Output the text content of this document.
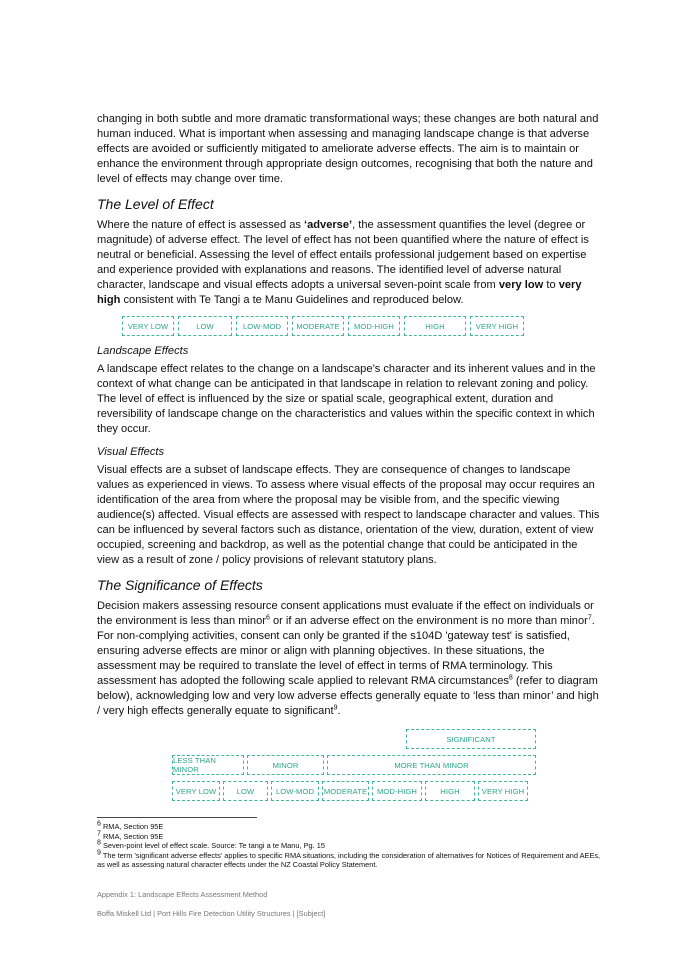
changing in both subtle and more dramatic transformational ways; these changes are both natural and human induced. What is important when assessing and managing landscape change is that adverse effects are avoided or sufficiently mitigated to ameliorate adverse effects. The aim is to maintain or enhance the environment through appropriate design outcomes, recognising that both the nature and level of effects may change over time.

The Level of Effect

Where the nature of effect is assessed as ‘adverse’, the assessment quantifies the level (degree or magnitude) of adverse effect. The level of effect has not been quantified where the nature of effect is neutral or beneficial. Assessing the level of effect entails professional judgement based on expertise and experience provided with explanations and reasons. The identified level of adverse natural character, landscape and visual effects adopts a universal seven-point scale from very low to very high consistent with Te Tangi a te Manu Guidelines and reproduced below.

VERY LOW	LOW	LOW-MOD	MODERATE	MOD-HIGH	HIGH	VERY HIGH
Landscape Effects

A landscape effect relates to the change on a landscape’s character and its inherent values and in the context of what change can be anticipated in that landscape in relation to relevant zoning and policy. The level of effect is influenced by the size or spatial scale, geographical extent, duration and reversibility of landscape change on the characteristics and values within the specific context in which they occur.

Visual Effects

Visual effects are a subset of landscape effects. They are consequence of changes to landscape values as experienced in views. To assess where visual effects of the proposal may occur requires an identification of the area from where the proposal may be visible from, and the specific viewing audience(s) affected. Visual effects are assessed with respect to landscape character and values. This can be influenced by several factors such as distance, orientation of the view, duration, extent of view occupied, screening and backdrop, as well as the potential change that could be anticipated in the view as a result of zone / policy provisions of relevant statutory plans.

The Significance of Effects

Decision makers assessing resource consent applications must evaluate if the effect on individuals or the environment is less than minor$^6$ or if an adverse effect on the environment is no more than minor$^7$. For non-complying activities, consent can only be granted if the s104D 'gateway test' is satisfied, ensuring adverse effects are minor or align with planning objectives. In these situations, the assessment may be required to translate the level of effect in terms of RMA terminology. This assessment has adopted the following scale applied to relevant RMA circumstances$^8$ (refer to diagram below), acknowledging low and very low adverse effects generally equate to ‘less than minor’ and high / very high effects generally equate to significant$^9$.

SIGNIFICANT
LESS THAN MINOR	MINOR	MORE THAN MINOR
VERY LOW	LOW	LOW-MOD	MODERATE	MOD-HIGH	HIGH	VERY HIGH

$^6$ RMA, Section 95E

$^7$ RMA, Section 95E

$^8$ Seven-point level of effect scale. Source: Te tangi a te Manu, Pg. 15

$^9$ The term 'significant adverse effects' applies to specific RMA situations, including the consideration of alternatives for Notices of Requirement and AEEs, as well as assessing natural character effects under the NZ Coastal Policy Statement.

Appendix 1: Landscape Effects Assessment Method
Boffa Miskell Ltd | Port Hills Fire Detection Utility Structures | [Subject]
